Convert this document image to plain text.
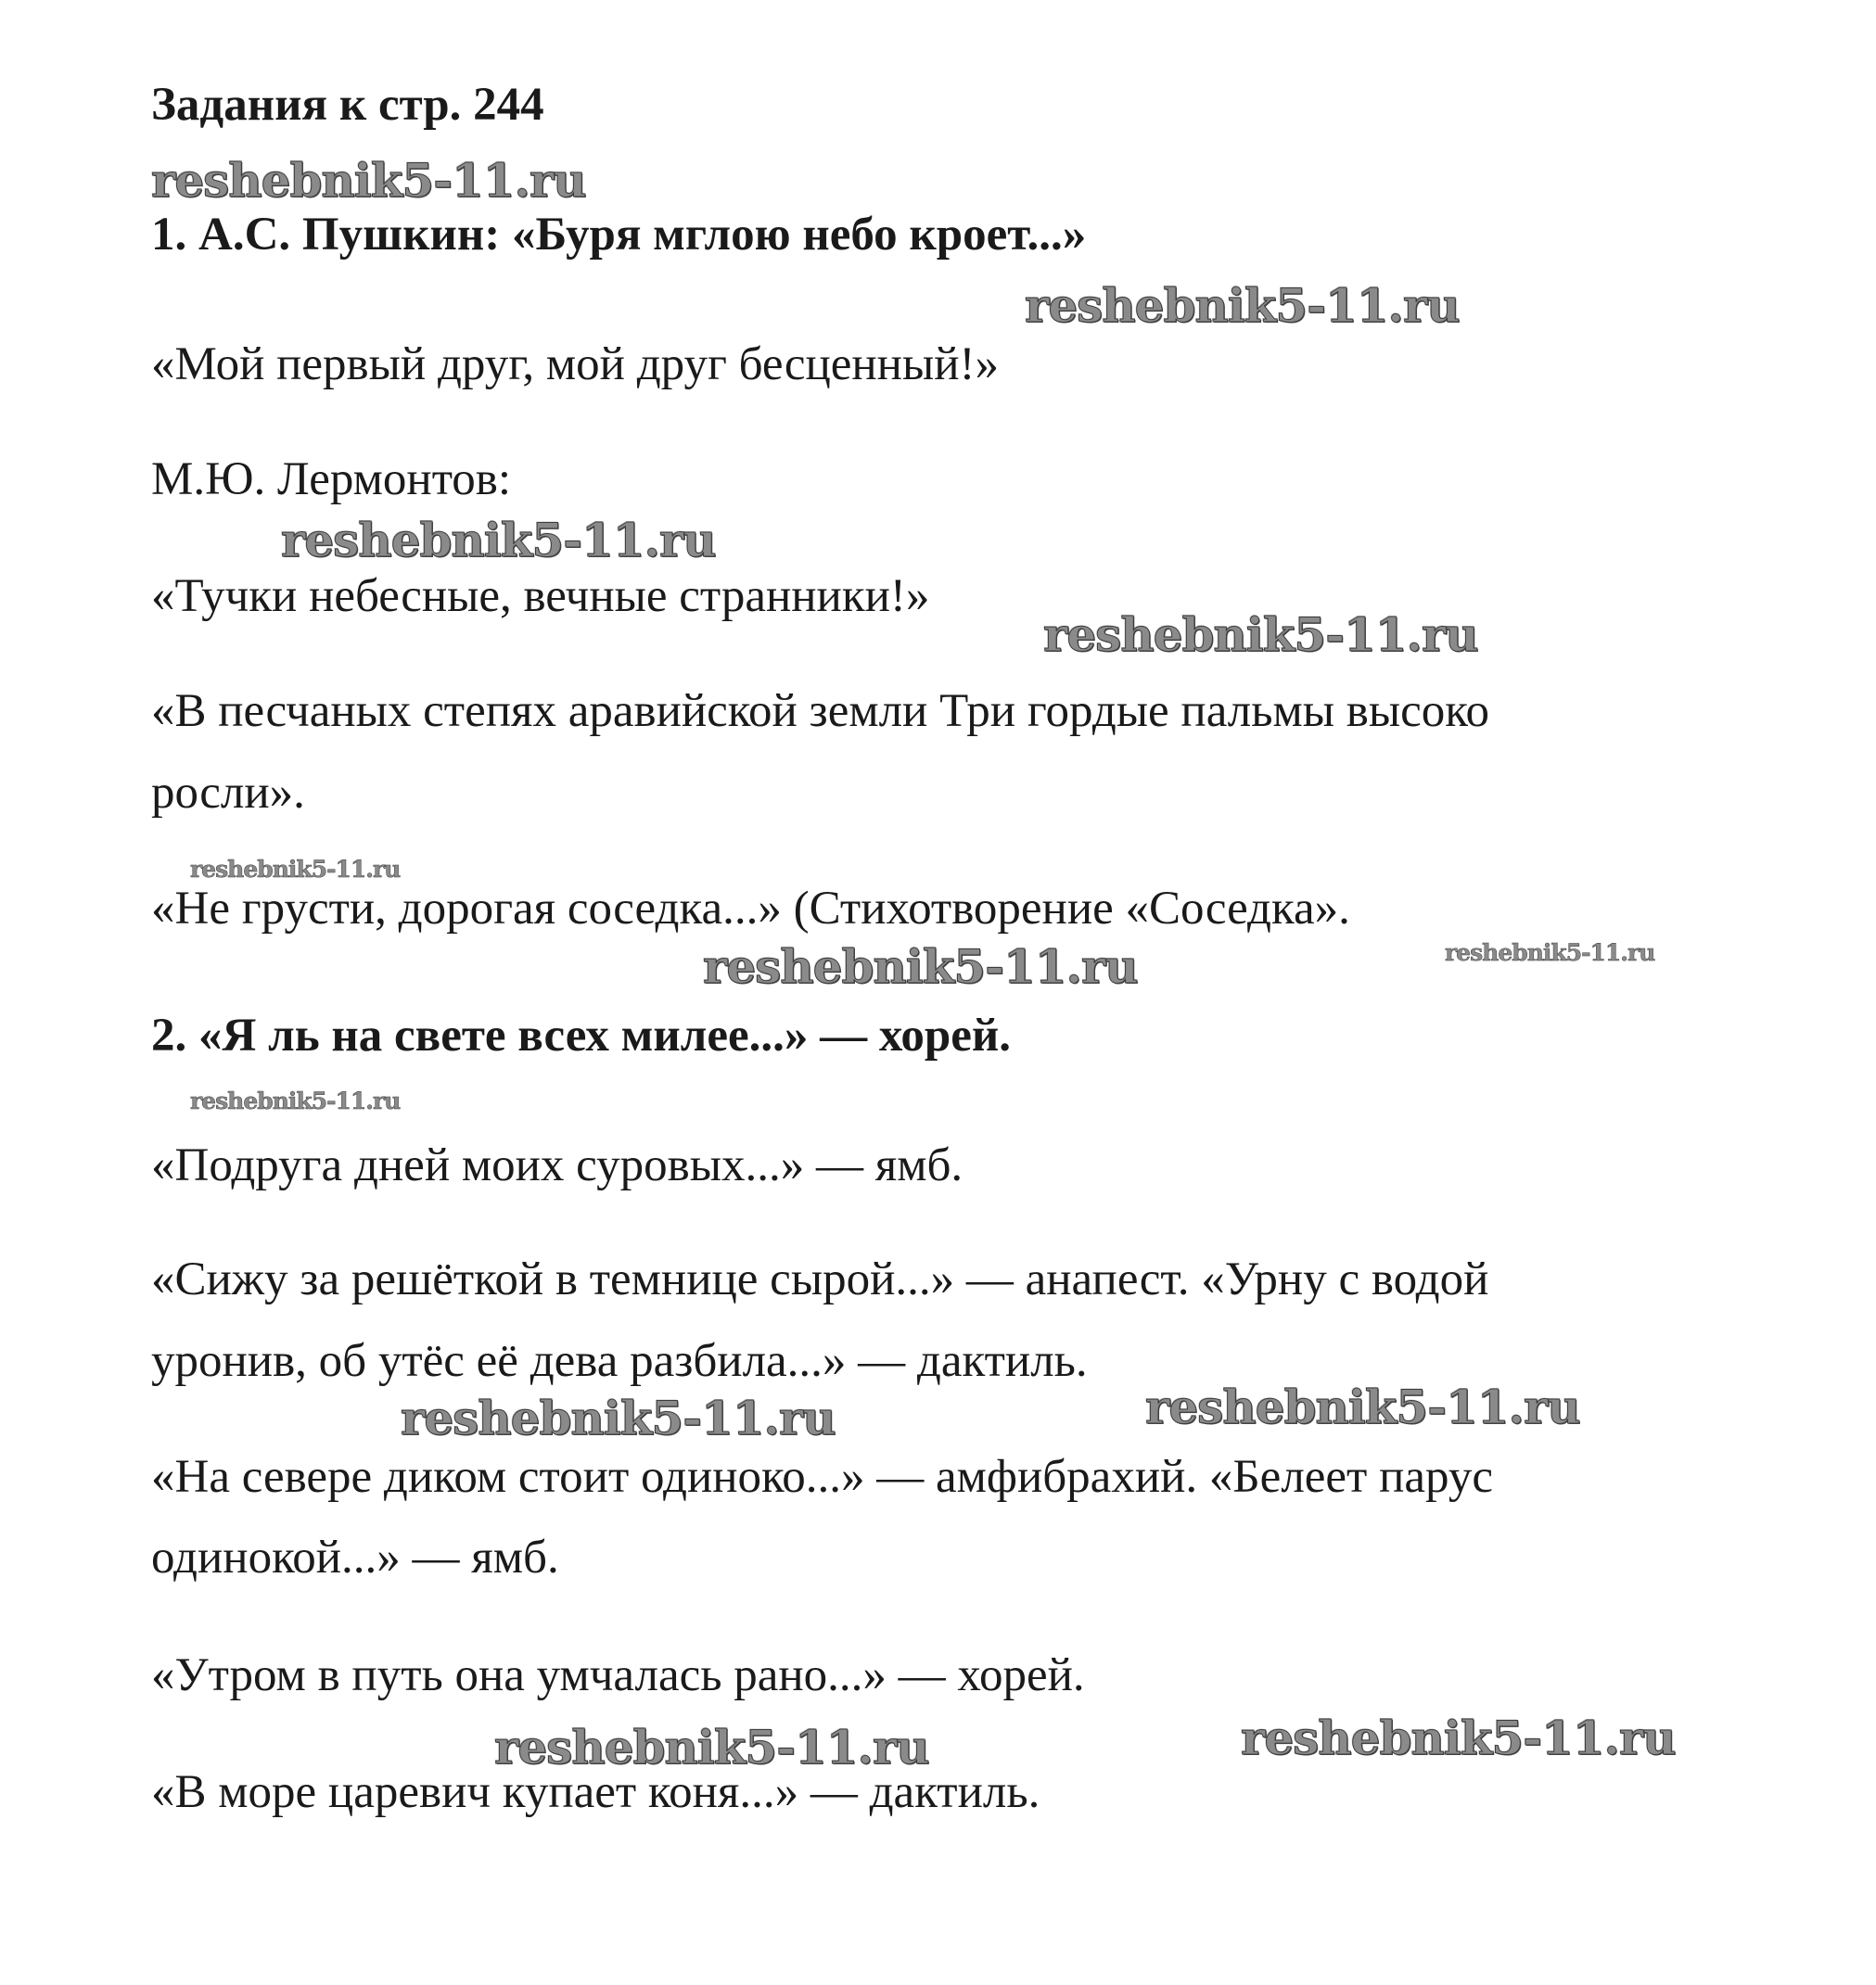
reshebnik5-11.ru
reshebnik5-11.ru
reshebnik5-11.ru
reshebnik5-11.ru
reshebnik5-11.ru
reshebnik5-11.ru	reshebnik5-11.ru
reshebnik5-11.ru
reshebnik5-11.ru	reshebnik5-11.ru
reshebnik5-11.ru	reshebnik5-11.ru
Задания к стр. 244
1. А.С. Пушкин: «Буря мглою небо кроет...»
«Мой первый друг, мой друг бесценный!»
М.Ю. Лермонтов:
«Тучки небесные, вечные странники!»
«В песчаных степях аравийской земли Три гордые пальмы высоко
росли».
«Не грусти, дорогая соседка...» (Стихотворение «Соседка».
2. «Я ль на свете всех милее...» — хорей.
«Подруга дней моих суровых...» — ямб.
«Сижу за решёткой в темнице сырой...» — анапест. «Урну с водой
уронив, об утёс её дева разбила...» — дактиль.
«На севере диком стоит одиноко...» — амфибрахий. «Белеет парус
одинокой...» — ямб.
«Утром в путь она умчалась рано...» — хорей.
«В море царевич купает коня...» — дактиль.
